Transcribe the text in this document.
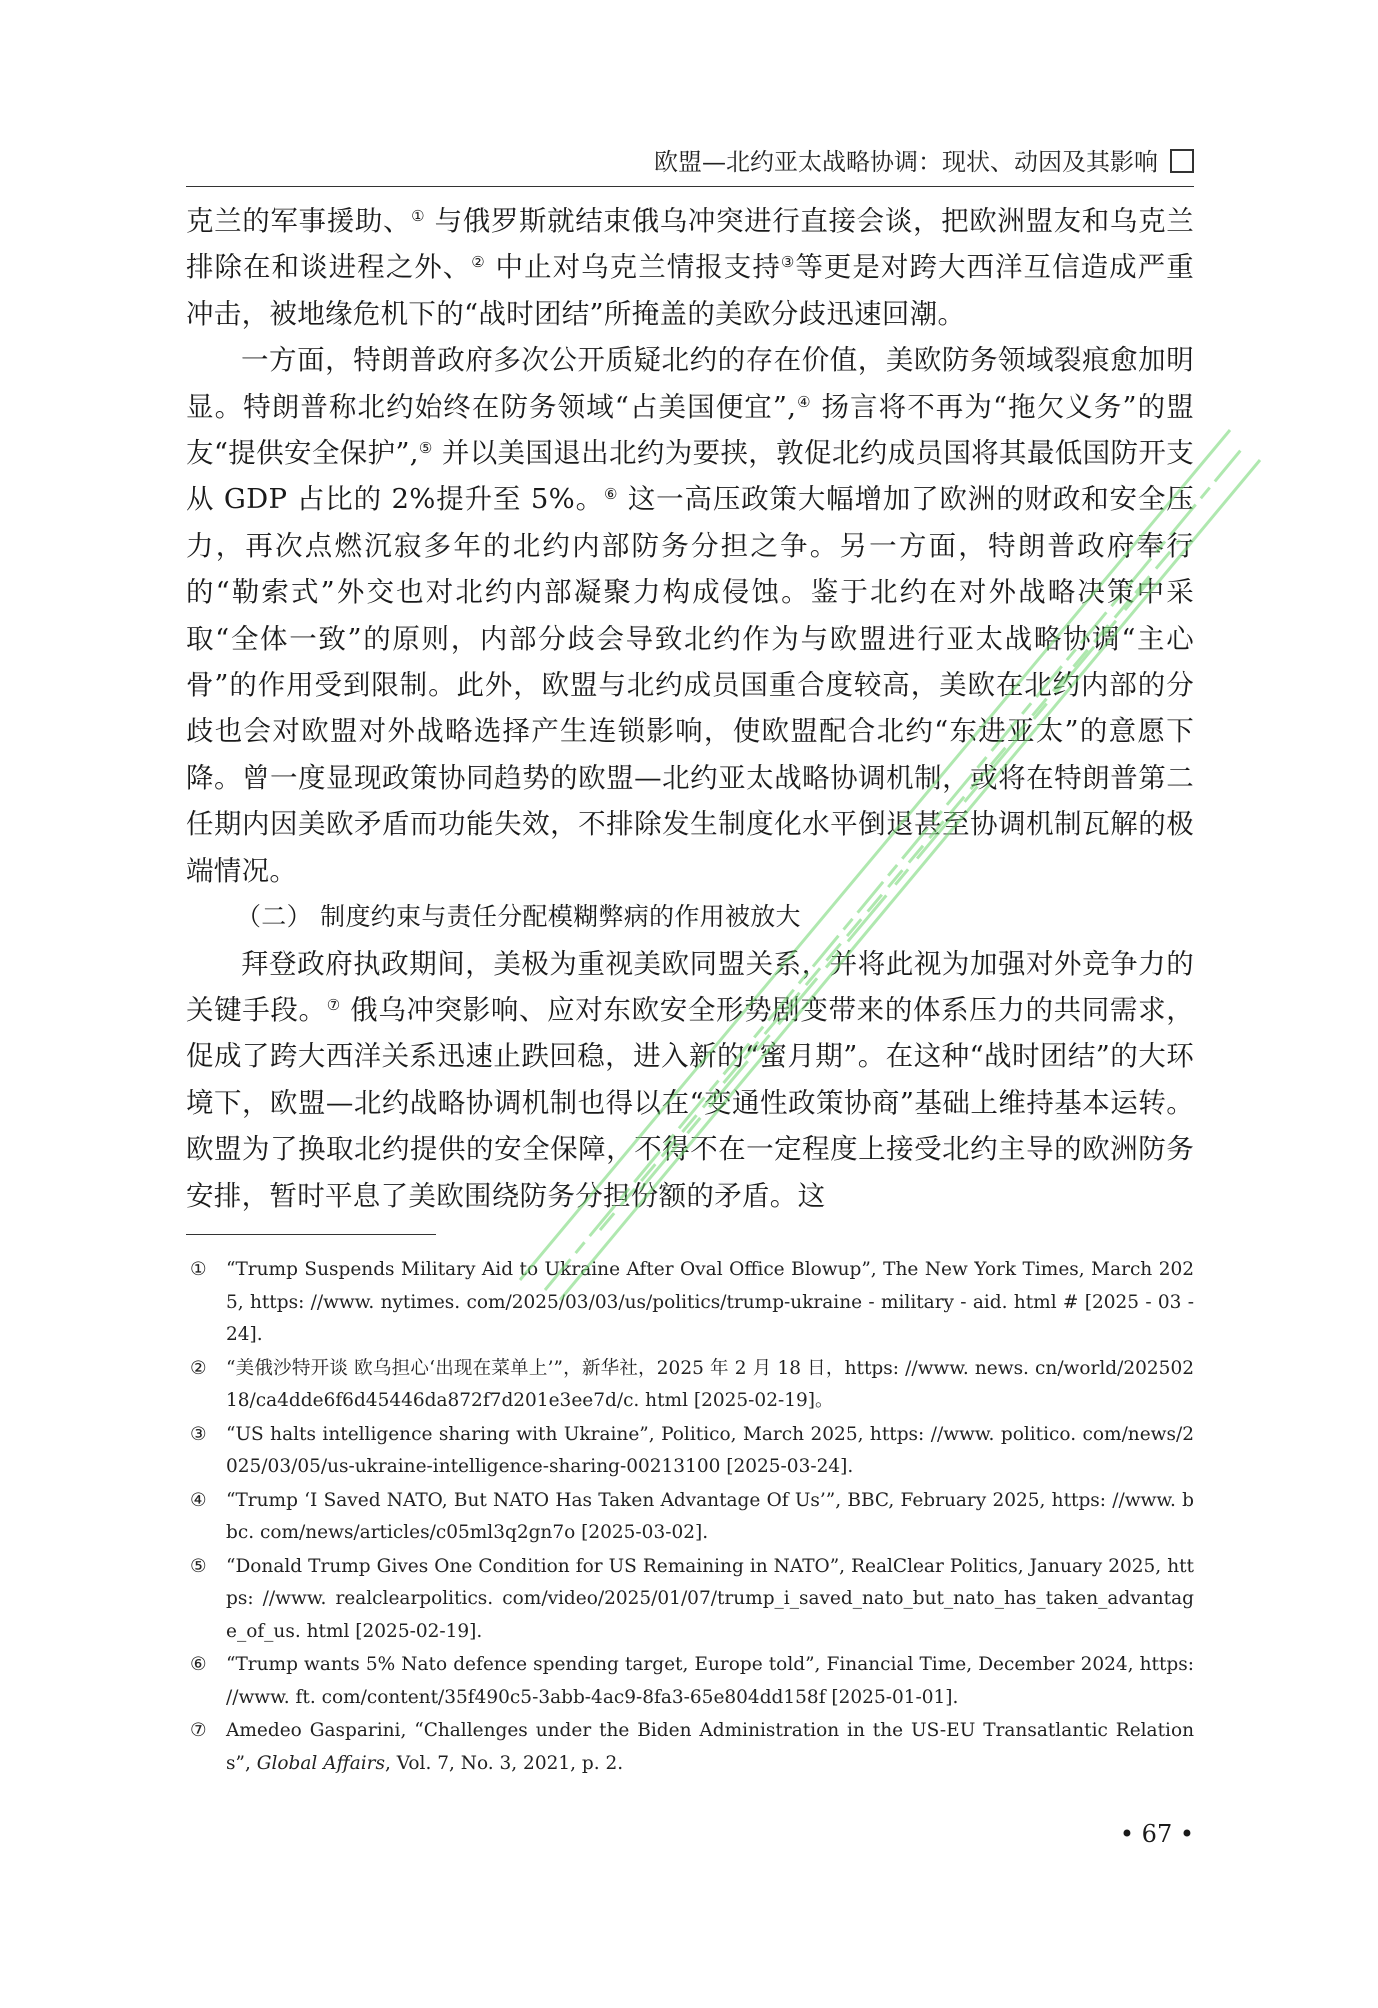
欧盟—北约亚太战略协调：现状、动因及其影响

克兰的军事援助、① 与俄罗斯就结束俄乌冲突进行直接会谈，把欧洲盟友和乌克兰排除在和谈进程之外、② 中止对乌克兰情报支持③等更是对跨大西洋互信造成严重冲击，被地缘危机下的“战时团结”所掩盖的美欧分歧迅速回潮。

一方面，特朗普政府多次公开质疑北约的存在价值，美欧防务领域裂痕愈加明显。特朗普称北约始终在防务领域“占美国便宜”,④ 扬言将不再为“拖欠义务”的盟友“提供安全保护”,⑤ 并以美国退出北约为要挟，敦促北约成员国将其最低国防开支从 GDP 占比的 2%提升至 5%。⑥ 这一高压政策大幅增加了欧洲的财政和安全压力，再次点燃沉寂多年的北约内部防务分担之争。另一方面，特朗普政府奉行的“勒索式”外交也对北约内部凝聚力构成侵蚀。鉴于北约在对外战略决策中采取“全体一致”的原则，内部分歧会导致北约作为与欧盟进行亚太战略协调“主心骨”的作用受到限制。此外，欧盟与北约成员国重合度较高，美欧在北约内部的分歧也会对欧盟对外战略选择产生连锁影响，使欧盟配合北约“东进亚太”的意愿下降。曾一度显现政策协同趋势的欧盟—北约亚太战略协调机制，或将在特朗普第二任期内因美欧矛盾而功能失效，不排除发生制度化水平倒退甚至协调机制瓦解的极端情况。

（二） 制度约束与责任分配模糊弊病的作用被放大

拜登政府执政期间，美极为重视美欧同盟关系，并将此视为加强对外竞争力的关键手段。⑦ 俄乌冲突影响、应对东欧安全形势剧变带来的体系压力的共同需求，促成了跨大西洋关系迅速止跌回稳，进入新的“蜜月期”。在这种“战时团结”的大环境下，欧盟—北约战略协调机制也得以在“变通性政策协商”基础上维持基本运转。欧盟为了换取北约提供的安全保障，不得不在一定程度上接受北约主导的欧洲防务安排，暂时平息了美欧围绕防务分担份额的矛盾。这

① “Trump Suspends Military Aid to Ukraine After Oval Office Blowup”, The New York Times, March 2025, https: //www. nytimes. com/2025/03/03/us/politics/trump-ukraine - military - aid. html # [2025 - 03 - 24].
② “美俄沙特开谈 欧乌担心‘出现在菜单上’”，新华社，2025 年 2 月 18 日，https: //www. news. cn/world/20250218/ca4dde6f6d45446da872f7d201e3ee7d/c. html [2025-02-19]。
③ “US halts intelligence sharing with Ukraine”, Politico, March 2025, https: //www. politico. com/news/2025/03/05/us-ukraine-intelligence-sharing-00213100 [2025-03-24].
④ “Trump ‘I Saved NATO, But NATO Has Taken Advantage Of Us’”, BBC, February 2025, https: //www. bbc. com/news/articles/c05ml3q2gn7o [2025-03-02].
⑤ “Donald Trump Gives One Condition for US Remaining in NATO”, RealClear Politics, January 2025, https: //www. realclearpolitics. com/video/2025/01/07/trump_i_saved_nato_but_nato_has_taken_advantage_of_us. html [2025-02-19].
⑥ “Trump wants 5% Nato defence spending target, Europe told”, Financial Time, December 2024, https: //www. ft. com/content/35f490c5-3abb-4ac9-8fa3-65e804dd158f [2025-01-01].
⑦ Amedeo Gasparini, “Challenges under the Biden Administration in the US-EU Transatlantic Relations”, Global Affairs, Vol. 7, No. 3, 2021, p. 2.
• 67 •
